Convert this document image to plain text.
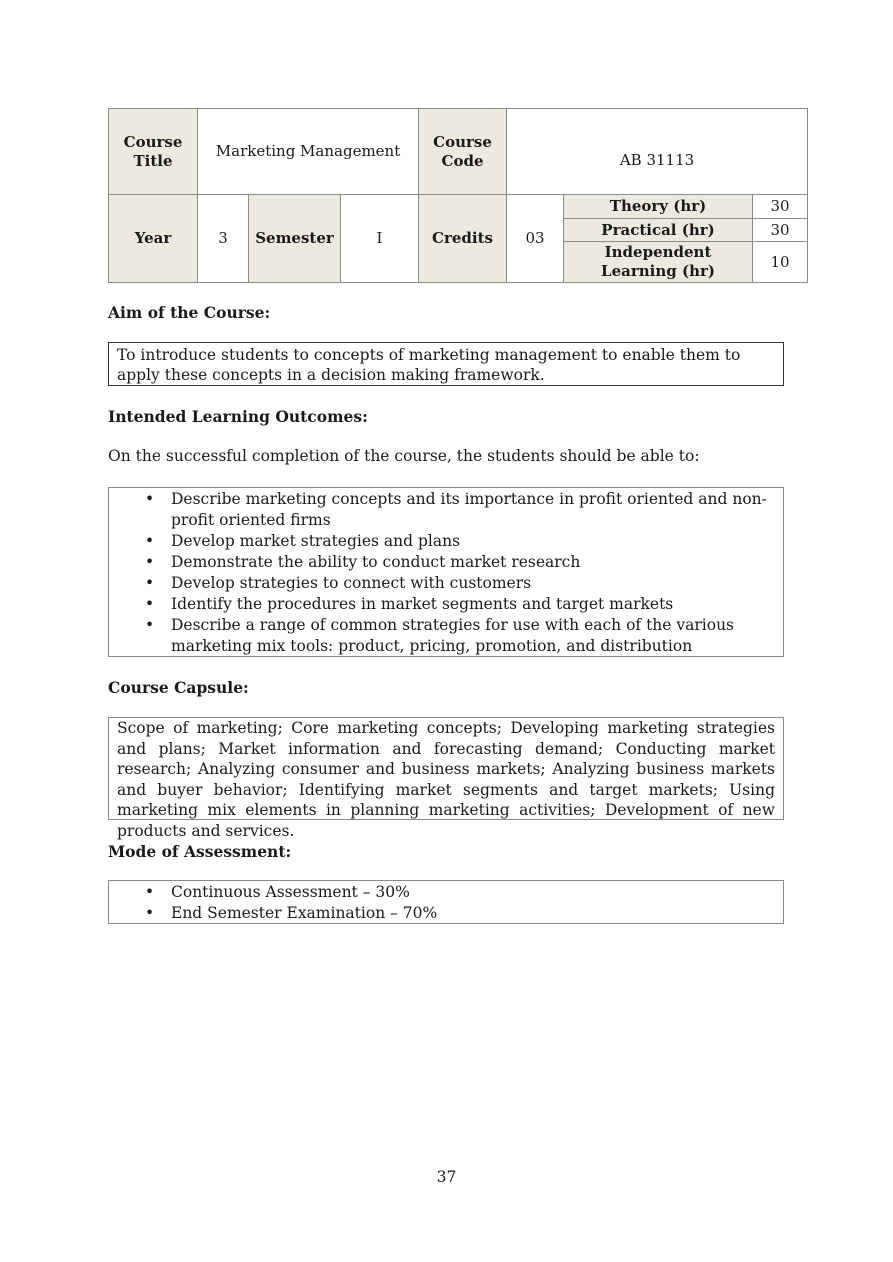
Course Title	Marketing Management			Course Code	AB 31113		
Year	3	Semester	I	Credits	03	Theory (hr)	30
						Practical (hr)	30
						Independent Learning (hr)	10
Aim of the Course:

To introduce students to concepts of marketing management to enable them to apply these concepts in a decision making framework.

Intended Learning Outcomes:
On the successful completion of the course, the students should be able to:
• Describe marketing concepts and its importance in profit oriented and non- profit oriented firms
• Develop market strategies and plans
• Demonstrate the ability to conduct market research
• Develop strategies to connect with customers
• Identify the procedures in market segments and target markets
• Describe a range of common strategies for use with each of the various marketing mix tools: product, pricing, promotion, and distribution
Course Capsule:

Scope of marketing; Core marketing concepts; Developing marketing strategies and plans; Market information and forecasting demand; Conducting market research; Analyzing consumer and business markets; Analyzing business markets and buyer behavior; Identifying market segments and target markets; Using marketing mix elements in planning marketing activities; Development of new products and services.

Mode of Assessment:
• Continuous Assessment – 30%
• End Semester Examination – 70%
37
